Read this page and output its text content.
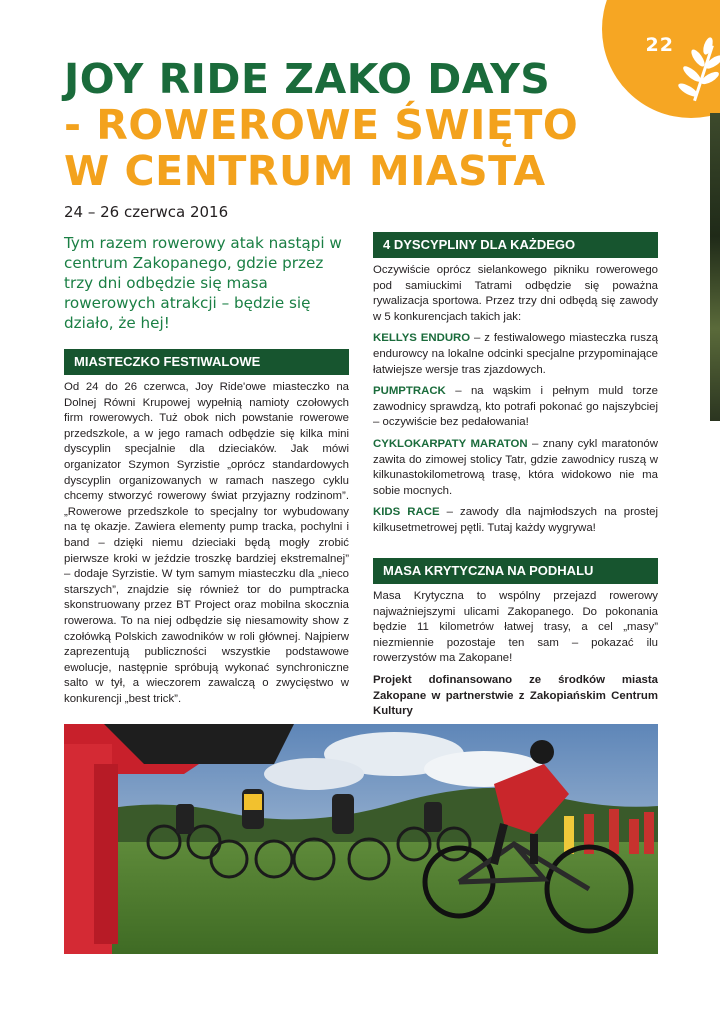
22
JOY RIDE ZAKO DAYS
- ROWEROWE ŚWIĘTO
W CENTRUM MIASTA
24 – 26 czerwca 2016
Tym razem rowerowy atak nastąpi w centrum Zakopanego, gdzie przez trzy dni odbędzie się masa rowerowych atrakcji – będzie się działo, że hej!
MIASTECZKO FESTIWALOWE

Od 24 do 26 czerwca, Joy Ride'owe miasteczko na Dolnej Równi Krupowej wypełnią namioty czołowych firm rowerowych. Tuż obok nich powstanie rowerowe przedszkole, a w jego ramach odbędzie się kilka mini dyscyplin specjalnie dla dzieciaków. Jak mówi organizator Szymon Syrzistie „oprócz standardowych dyscyplin organizowanych w ramach naszego cyklu chcemy stworzyć rowerowy świat przyjazny rodzinom”. „Rowerowe przedszkole to specjalny tor wybudowany na tę okazje. Zawiera elementy pump tracka, pochylni i band – dzięki niemu dzieciaki będą mogły zrobić pierwsze kroki w jeździe troszkę bardziej ekstremalnej” – dodaje Syrzistie. W tym samym miasteczku dla „nieco starszych”, znajdzie się również tor do pumptracka skonstruowany przez BT Project oraz mobilna skocznia rowerowa. To na niej odbędzie się niesamowity show z czołówką Polskich zawodników w roli głównej. Najpierw zaprezentują publiczności wszystkie podstawowe ewolucje, następnie spróbują wykonać synchroniczne salto w tył, a wieczorem zawalczą o zwycięstwo w konkurencji „best trick”.

4 DYSCYPLINY DLA KAŻDEGO

Oczywiście oprócz sielankowego pikniku rowerowego pod samiuckimi Tatrami odbędzie się poważna rywalizacja sportowa. Przez trzy dni odbędą się zawody w 5 konkurencjach takich jak:

KELLYS ENDURO – z festiwalowego miasteczka ruszą endurowcy na lokalne odcinki specjalne przypominające łatwiejsze wersje tras zjazdowych.

PUMPTRACK – na wąskim i pełnym muld torze zawodnicy sprawdzą, kto potrafi pokonać go najszybciej – oczywiście bez pedałowania!

CYKLOKARPATY MARATON – znany cykl maratonów zawita do zimowej stolicy Tatr, gdzie zawodnicy ruszą w kilkunastokilometrową trasę, która widokowo nie ma sobie mocnych.

KIDS RACE – zawody dla najmłodszych na prostej kilkusetmetrowej pętli. Tutaj każdy wygrywa!

MASA KRYTYCZNA NA PODHALU

Masa Krytyczna to wspólny przejazd rowerowy najważniejszymi ulicami Zakopanego. Do pokonania będzie 11 kilometrów łatwej trasy, a cel „masy” niezmiennie pozostaje ten sam – pokazać ilu rowerzystów ma Zakopane!

Projekt dofinansowano ze środków miasta Zakopane w partnerstwie z Zakopiańskim Centrum Kultury
